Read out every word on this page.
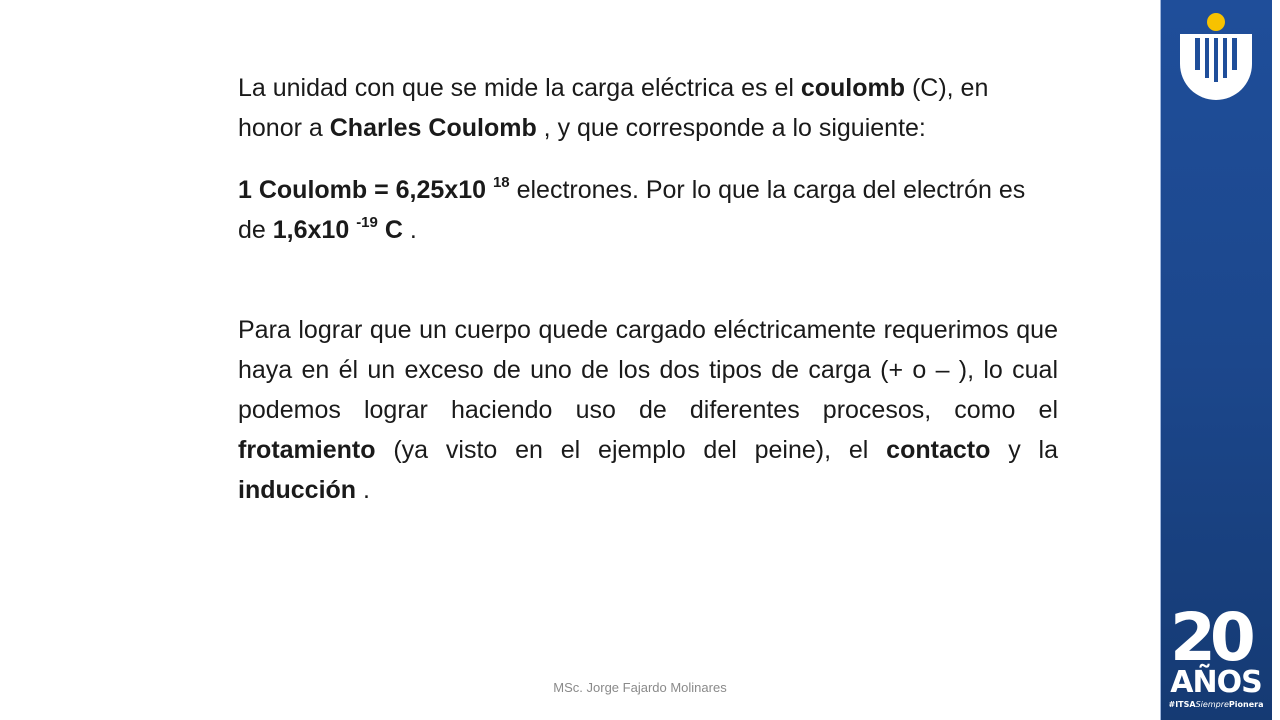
La unidad con que se mide la carga eléctrica es el coulomb (C), en honor a Charles Coulomb , y que corresponde a lo siguiente:

1 Coulomb = 6,25x10 $^{18}$ electrones. Por lo que la carga del electrón es de 1,6x10 $^{-19}$ C .

Para lograr que un cuerpo quede cargado eléctricamente requerimos que haya en él un exceso de uno de los dos tipos de carga (+ o – ), lo cual podemos lograr haciendo uso de diferentes procesos, como el frotamiento (ya visto en el ejemplo del peine), el contacto y la inducción .

MSc. Jorge Fajardo Molinares
20
AÑOS
#ITSASiemprePionera
